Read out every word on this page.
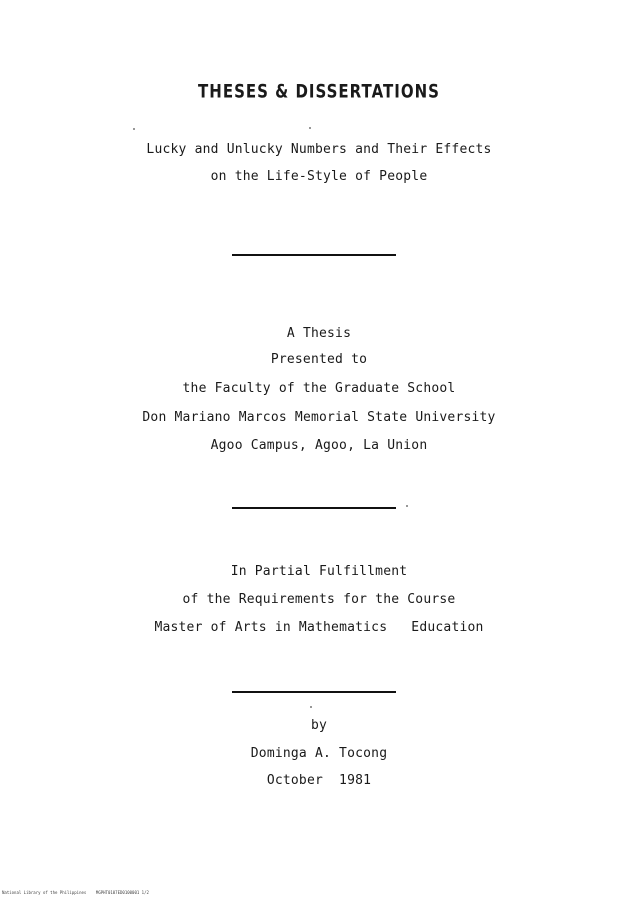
THESES & DISSERTATIONS
Lucky and Unlucky Numbers and Their Effects
on the Life-Style of People
A Thesis
Presented to
the Faculty of the Graduate School
Don Mariano Marcos Memorial State University
Agoo Campus, Agoo, La Union
In Partial Fulfillment
of the Requirements for the Course
Master of Arts in Mathematics   Education
by
Dominga A. Tocong
October  1981
National Library of the Philippines    MGPHT0107ED0100001 1/2
